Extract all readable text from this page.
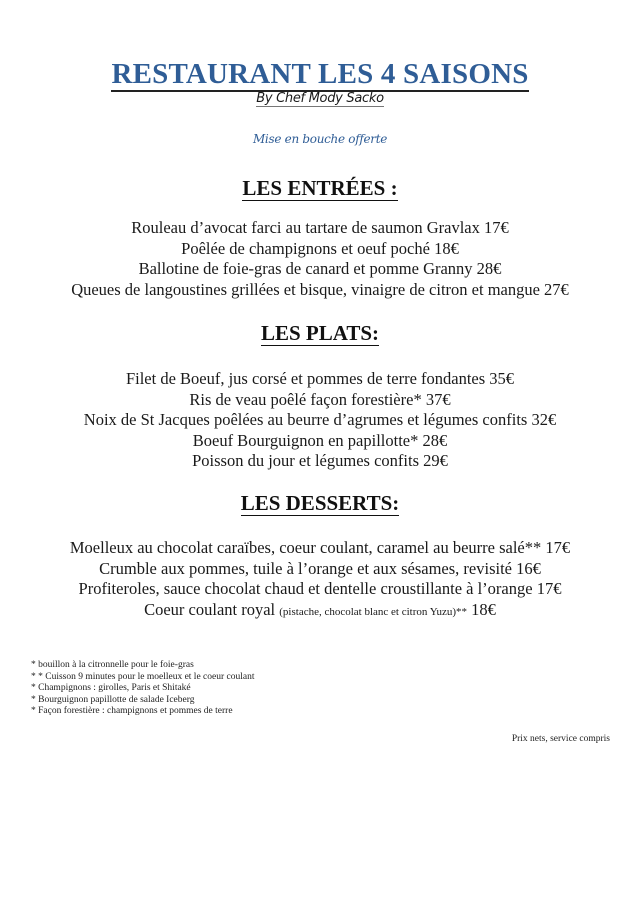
RESTAURANT LES 4 SAISONS
By Chef Mody Sacko
Mise en bouche offerte
LES ENTRÉES :
Rouleau d’avocat farci au tartare de saumon Gravlax 17€
Poêlée de champignons et oeuf poché 18€
Ballotine de foie-gras de canard et pomme Granny 28€
Queues de langoustines grillées et bisque, vinaigre de citron et mangue 27€
LES PLATS:
Filet de Boeuf, jus corsé et pommes de terre fondantes 35€
Ris de veau poêlé façon forestière* 37€
Noix de St Jacques poêlées au beurre d’agrumes et légumes confits 32€
Boeuf Bourguignon en papillotte* 28€
Poisson du jour et légumes confits 29€
LES DESSERTS:
Moelleux au chocolat caraïbes, coeur coulant, caramel au beurre salé** 17€
Crumble aux pommes, tuile à l’orange et aux sésames, revisité 16€
Profiteroles, sauce chocolat chaud et dentelle croustillante à l’orange 17€
Coeur coulant royal (pistache, chocolat blanc et citron Yuzu)** 18€
* bouillon à la citronnelle pour le foie-gras
* * Cuisson 9 minutes pour le moelleux et le coeur coulant
* Champignons : girolles, Paris et Shitaké
* Bourguignon papillotte de salade Iceberg
* Façon forestière : champignons et pommes de terre
Prix nets, service compris
